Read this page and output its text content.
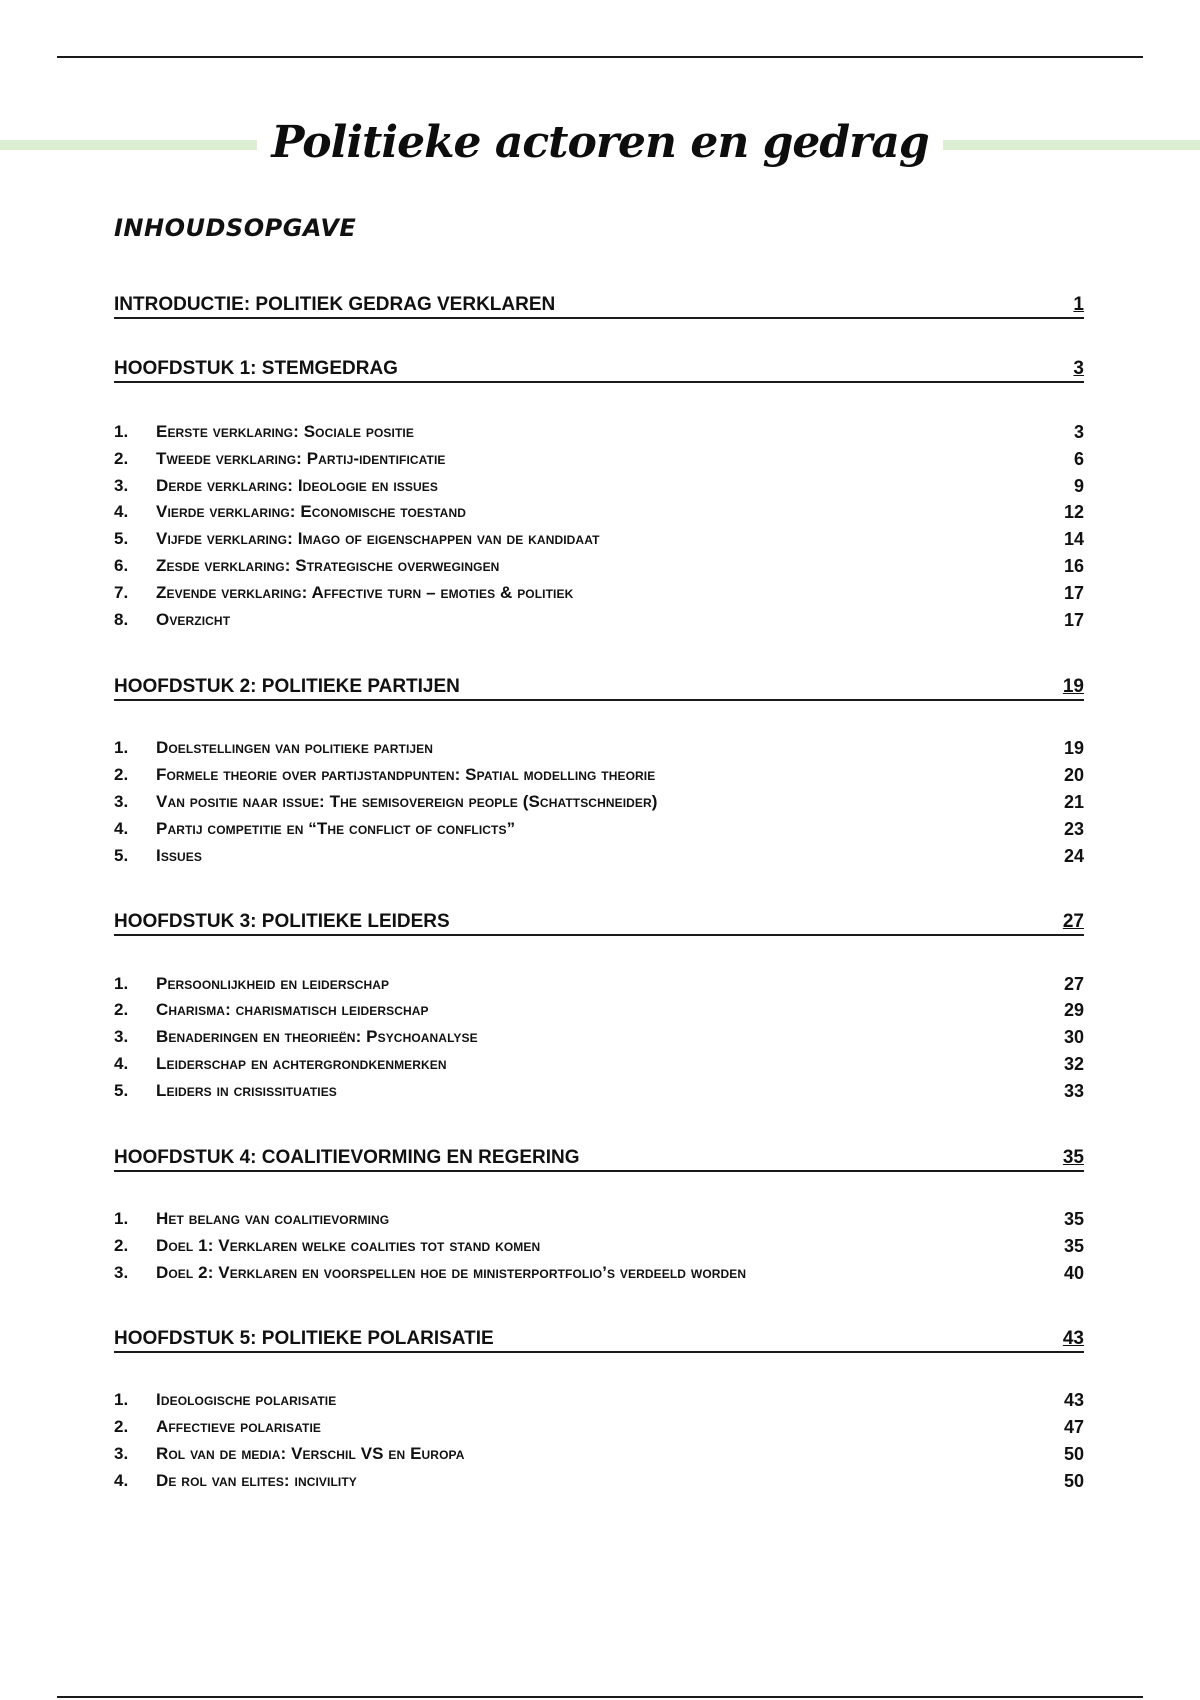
Politieke actoren en gedrag
INHOUDSOPGAVE
INTRODUCTIE: POLITIEK GEDRAG VERKLAREN	1
HOOFDSTUK 1: STEMGEDRAG	3
1.	Eerste verklaring: Sociale positie	3
2.	Tweede verklaring: Partij-identificatie	6
3.	Derde verklaring: Ideologie en issues	9
4.	Vierde verklaring: Economische toestand	12
5.	Vijfde verklaring: Imago of eigenschappen van de kandidaat	14
6.	Zesde verklaring: Strategische overwegingen	16
7.	Zevende verklaring: Affective turn – emoties & politiek	17
8.	Overzicht	17
HOOFDSTUK 2: POLITIEKE PARTIJEN	19
1.	Doelstellingen van politieke partijen	19
2.	Formele theorie over partijstandpunten: Spatial modelling theorie	20
3.	Van positie naar issue: The semisovereign people (Schattschneider)	21
4.	Partij competitie en “The conflict of conflicts”	23
5.	Issues	24
HOOFDSTUK 3: POLITIEKE LEIDERS	27
1.	Persoonlijkheid en leiderschap	27
2.	Charisma: charismatisch leiderschap	29
3.	Benaderingen en theorieën: Psychoanalyse	30
4.	Leiderschap en achtergrondkenmerken	32
5.	Leiders in crisissituaties	33
HOOFDSTUK 4: COALITIEVORMING EN REGERING	35
1.	Het belang van coalitievorming	35
2.	Doel 1: Verklaren welke coalities tot stand komen	35
3.	Doel 2: Verklaren en voorspellen hoe de ministerportfolio’s verdeeld worden	40
HOOFDSTUK 5: POLITIEKE POLARISATIE	43
1.	Ideologische polarisatie	43
2.	Affectieve polarisatie	47
3.	Rol van de media: Verschil VS en Europa	50
4.	De rol van elites: incivility	50
